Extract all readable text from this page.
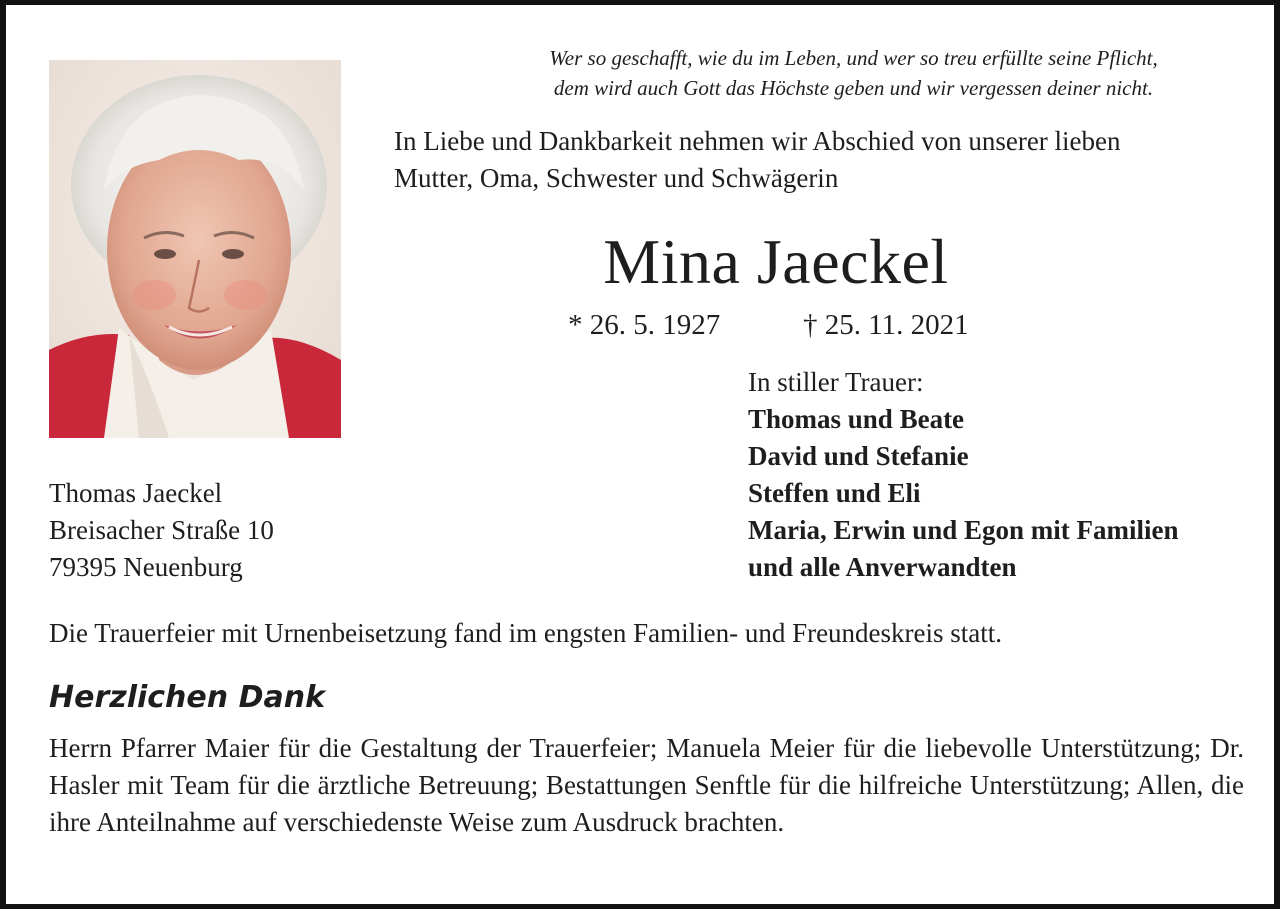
Wer so geschafft, wie du im Leben, und wer so treu erfüllte seine Pflicht,
dem wird auch Gott das Höchste geben und wir vergessen deiner nicht.
In Liebe und Dankbarkeit nehmen wir Abschied von unserer lieben
Mutter, Oma, Schwester und Schwägerin
Mina Jaeckel
* 26. 5. 1927	† 25. 11. 2021
In stiller Trauer:
Thomas und Beate
David und Stefanie
Steffen und Eli
Maria, Erwin und Egon mit Familien
und alle Anverwandten
Thomas Jaeckel
Breisacher Straße 10
79395 Neuenburg
Die Trauerfeier mit Urnenbeisetzung fand im engsten Familien- und Freundeskreis statt.
Herzlichen Dank
Herrn Pfarrer Maier für die Gestaltung der Trauerfeier; Manuela Meier für die liebevolle Unterstützung; Dr. Hasler mit Team für die ärztliche Betreuung; Bestattungen Senftle für die hilfreiche Unterstützung; Allen, die ihre Anteilnahme auf verschiedenste Weise zum Ausdruck brachten.
